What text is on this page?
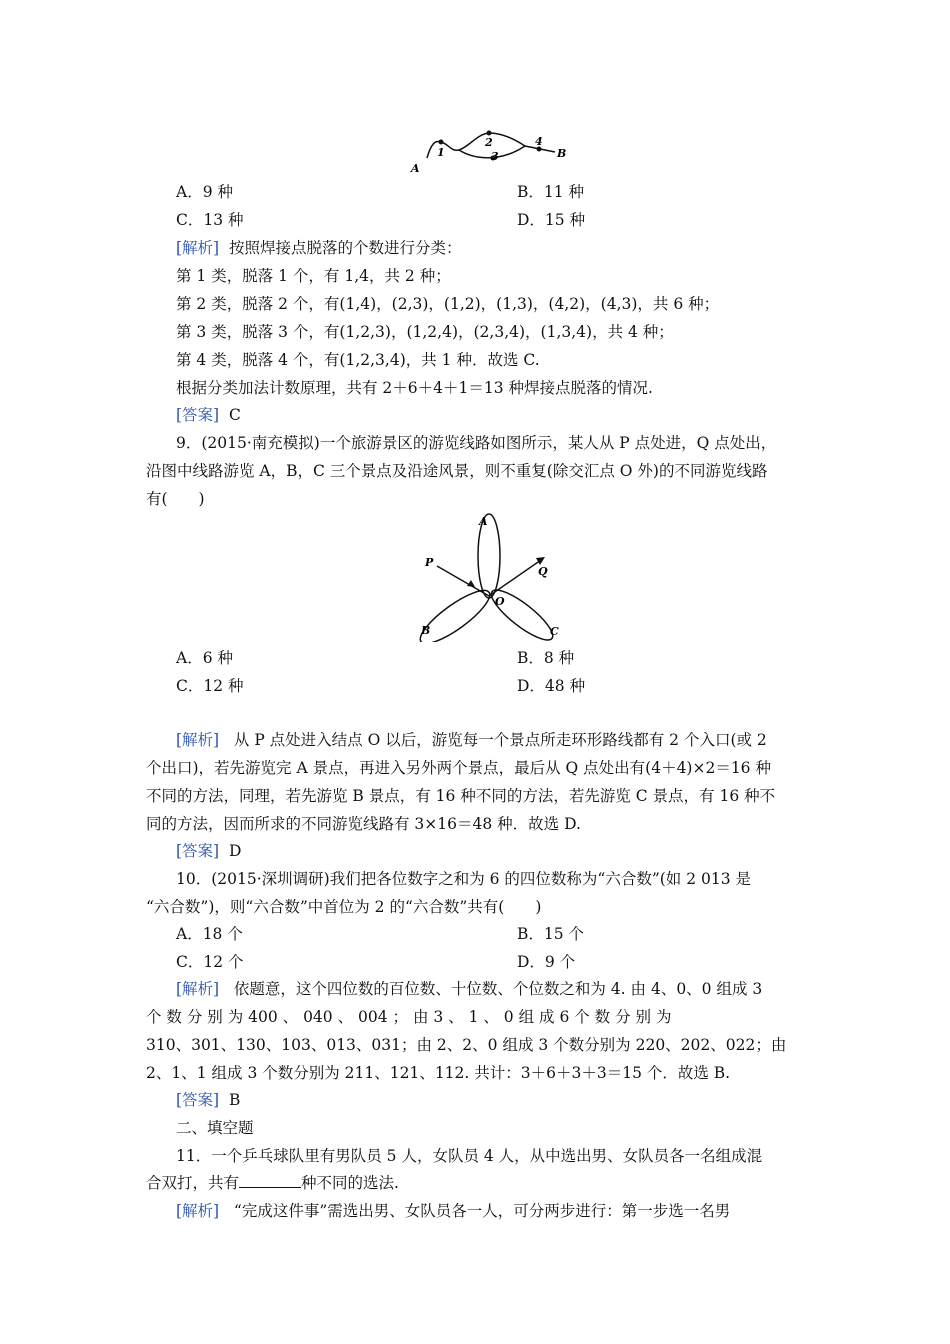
A
1
2
3
4
B
A．9 种	B．11 种
C．13 种	D．15 种
[解析] 按照焊接点脱落的个数进行分类：
第 1 类，脱落 1 个，有 1,4，共 2 种；
第 2 类，脱落 2 个，有(1,4)，(2,3)，(1,2)，(1,3)，(4,2)，(4,3)，共 6 种；
第 3 类，脱落 3 个，有(1,2,3)，(1,2,4)，(2,3,4)，(1,3,4)，共 4 种；
第 4 类，脱落 4 个，有(1,2,3,4)，共 1 种．故选 C.
根据分类加法计数原理，共有 2＋6＋4＋1＝13 种焊接点脱落的情况.
[答案] C
9．(2015·南充模拟)一个旅游景区的游览线路如图所示，某人从 P 点处进，Q 点处出，
沿图中线路游览 A，B，C 三个景点及沿途风景，则不重复(除交汇点 O 外)的不同游览线路
有(　　)
A
P
Q
O
B	C
A．6 种	B．8 种
C．12 种	D．48 种
[解析] 从 P 点处进入结点 O 以后，游览每一个景点所走环形路线都有 2 个入口(或 2
个出口)，若先游览完 A 景点，再进入另外两个景点，最后从 Q 点处出有(4＋4)×2＝16 种
不同的方法，同理，若先游览 B 景点，有 16 种不同的方法，若先游览 C 景点，有 16 种不
同的方法，因而所求的不同游览线路有 3×16＝48 种．故选 D.
[答案] D
10．(2015·深圳调研)我们把各位数字之和为 6 的四位数称为“六合数”(如 2 013 是
“六合数”)，则“六合数”中首位为 2 的“六合数”共有(　　)
A．18 个	B．15 个
C．12 个	D．9 个
[解析] 依题意，这个四位数的百位数、十位数、个位数之和为 4. 由 4、0、0 组成 3
个 数 分 别 为 400 、 040 、 004 ； 由 3 、 1 、 0 组 成 6 个 数 分 别 为
310、301、130、103、013、031；由 2、2、0 组成 3 个数分别为 220、202、022；由
2、1、1 组成 3 个数分别为 211、121、112. 共计：3＋6＋3＋3＝15 个．故选 B.
[答案] B
二、填空题
11．一个乒乓球队里有男队员 5 人，女队员 4 人，从中选出男、女队员各一名组成混
合双打，共有	种不同的选法.
[解析] “完成这件事”需选出男、女队员各一人，可分两步进行：第一步选一名男
